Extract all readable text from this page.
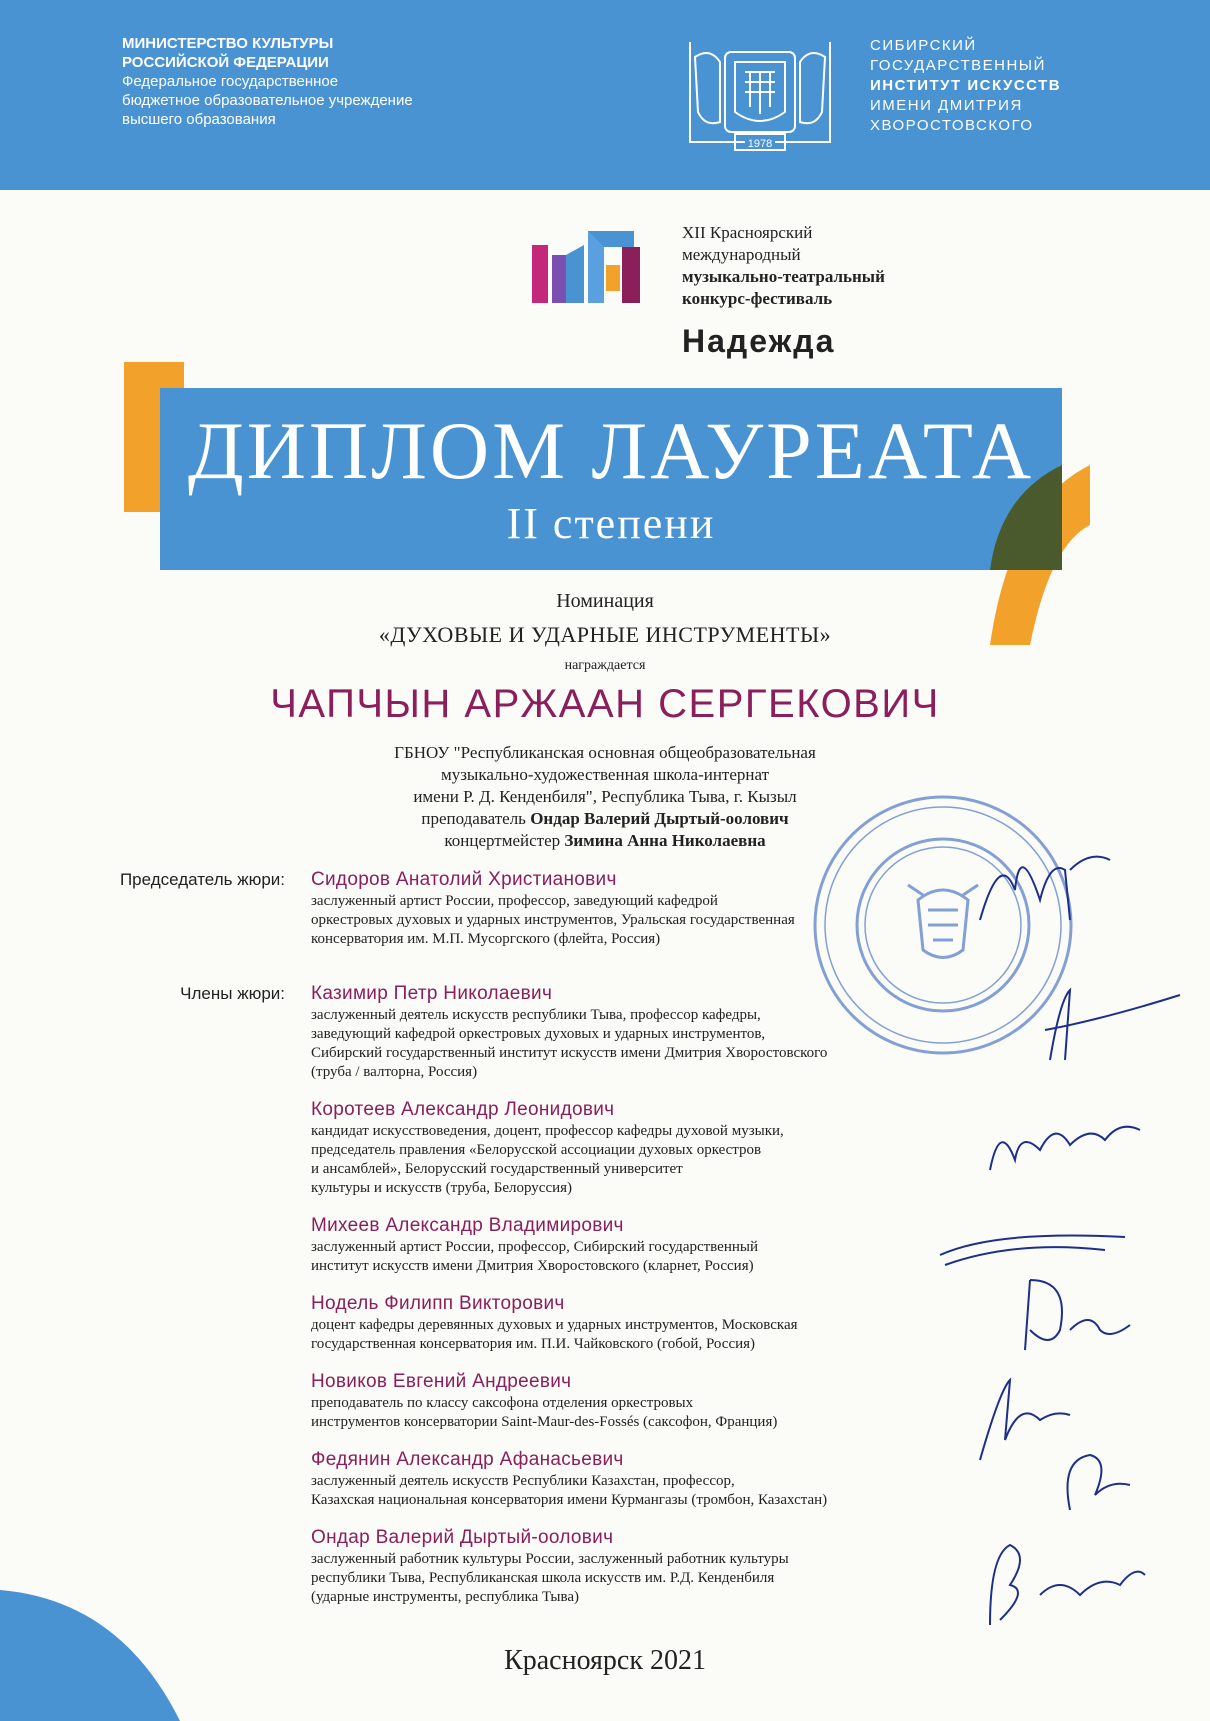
МИНИСТЕРСТВО КУЛЬТУРЫ
РОССИЙСКОЙ ФЕДЕРАЦИИ
Федеральное государственное
бюджетное образовательное учреждение
высшего образования
1978
СИБИРСКИЙ
ГОСУДАРСТВЕННЫЙ
ИНСТИТУТ ИСКУССТВ
ИМЕНИ ДМИТРИЯ
ХВОРОСТОВСКОГО
XII Красноярский
международный
музыкально-театральный
конкурс-фестиваль
Надежда
ДИПЛОМ ЛАУРЕАТА
II степени
Номинация
«ДУХОВЫЕ И УДАРНЫЕ ИНСТРУМЕНТЫ»
награждается
ЧАПЧЫН АРЖААН СЕРГЕКОВИЧ
ГБНОУ "Республиканская основная общеобразовательная
музыкально-художественная школа-интернат
имени Р. Д. Кенденбиля", Республика Тыва, г. Кызыл
преподаватель Ондар Валерий Дыртый-оолович
концертмейстер Зимина Анна Николаевна
Председатель жюри: Сидоров Анатолий Христианович
заслуженный артист России, профессор, заведующий кафедрой
оркестровых духовых и ударных инструментов, Уральская государственная
консерватория им. М.П. Мусоргского (флейта, Россия)
Члены жюри: Казимир Петр Николаевич
заслуженный деятель искусств республики Тыва, профессор кафедры,
заведующий кафедрой оркестровых духовых и ударных инструментов,
Сибирский государственный институт искусств имени Дмитрия Хворостовского
(труба / валторна, Россия)
Коротеев Александр Леонидович
кандидат искусствоведения, доцент, профессор кафедры духовой музыки,
председатель правления «Белорусской ассоциации духовых оркестров
и ансамблей», Белорусский государственный университет
культуры и искусств (труба, Белоруссия)
Михеев Александр Владимирович
заслуженный артист России, профессор, Сибирский государственный
институт искусств имени Дмитрия Хворостовского (кларнет, Россия)
Нодель Филипп Викторович
доцент кафедры деревянных духовых и ударных инструментов, Московская
государственная консерватория им. П.И. Чайковского (гобой, Россия)
Новиков Евгений Андреевич
преподаватель по классу саксофона отделения оркестровых
инструментов консерватории Saint-Maur-des-Fossés (саксофон, Франция)
Федянин Александр Афанасьевич
заслуженный деятель искусств Республики Казахстан, профессор,
Казахская национальная консерватория имени Курмангазы (тромбон, Казахстан)
Ондар Валерий Дыртый-оолович
заслуженный работник культуры России, заслуженный работник культуры
республики Тыва, Республиканская школа искусств им. Р.Д. Кенденбиля
(ударные инструменты, республика Тыва)
Красноярск 2021
